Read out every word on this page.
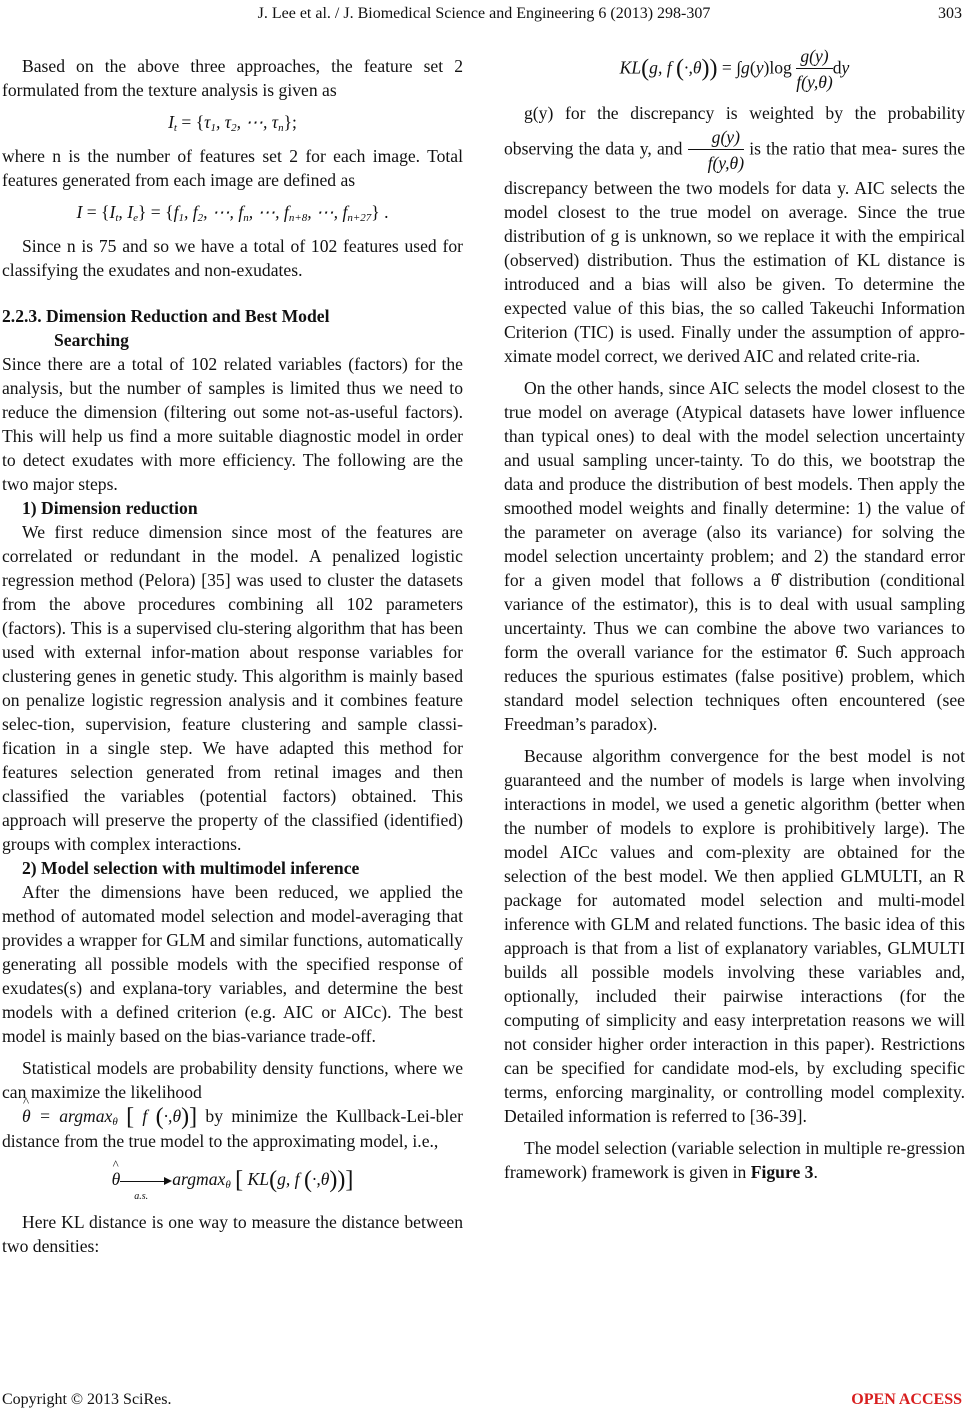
J. Lee et al. / J. Biomedical Science and Engineering 6 (2013) 298-307	303

Based on the above three approaches, the feature set 2 formulated from the texture analysis is given as

$I_t = \{\tau_1$, $\tau_2$, ⋯, $\tau_n$};

where n is the number of features set 2 for each image. Total features generated from each image are defined as

$I = \{I_t$, $I_e\} = \{f_1$, $f_2$, ⋯, $f_n$, ⋯, $f_{n+8}$, ⋯, $f_{n+27}$} .

Since n is 75 and so we have a total of 102 features used for classifying the exudates and non-exudates.

2.2.3. Dimension Reduction and Best Model
Searching

Since there are a total of 102 related variables (factors) for the analysis, but the number of samples is limited thus we need to reduce the dimension (filtering out some not-as-useful factors). This will help us find a more suitable diagnostic model in order to detect exudates with more efficiency. The following are the two major steps.

1) Dimension reduction

We first reduce dimension since most of the features are correlated or redundant in the model. A penalized logistic regression method (Pelora) [35] was used to cluster the datasets from the above procedures combining all 102 parameters (factors). This is a supervised clu-stering algorithm that has been used with external infor-mation about response variables for clustering genes in genetic study. This algorithm is mainly based on penalize logistic regression analysis and it combines feature selec-tion, supervision, feature clustering and sample classi-fication in a single step. We have adapted this method for features selection generated from retinal images and then classified the variables (potential factors) obtained. This approach will preserve the property of the classified (identified) groups with complex interactions.

2) Model selection with multimodel inference

After the dimensions have been reduced, we applied the method of automated model selection and model-averaging that provides a wrapper for GLM and similar functions, automatically generating all possible models with the specified response of exudates(s) and explana-tory variables, and determine the best models with a defined criterion (e.g. AIC or AICc). The best model is mainly based on the bias-variance trade-off.

Statistical models are probability density functions, where we can maximize the likelihood
^ θ = argmax$_\theta$ [ f (·,θ)] by minimize the Kullback-Lei-bler distance from the true model to the approximating model, i.e.,

^ θ
a.s.
argmax$_\theta$ [ KL(g, f (·,θ))]

Here KL distance is one way to measure the distance between two densities:

KL(g, f $(\cdot,\theta)) = \int g(y)\log \frac{g(y)}{f(y,\theta)}$ dy

g(y) for the discrepancy is weighted by the probability observing the data y, and $\frac{g(y)}{f(y,\theta)}$ is the ratio that mea- sures the discrepancy between the two models for data y. AIC selects the model closest to the true model on average. Since the true distribution of g is unknown, so we replace it with the empirical (observed) distribution. Thus the estimation of KL distance is introduced and a bias will also be given. To determine the expected value of this bias, the so called Takeuchi Information Criterion (TIC) is used. Finally under the assumption of appro-ximate model correct, we derived AIC and related crite-ria.

On the other hands, since AIC selects the model closest to the true model on average (Atypical datasets have lower influence than typical ones) to deal with the model selection uncertainty and usual sampling uncer-tainty. To do this, we bootstrap the data and produce the distribution of best models. Then apply the smoothed model weights and finally determine: 1) the value of the parameter on average (also its variance) for solving the model selection uncertainty problem; and 2) the standard error for a given model that follows a θ̂ distribution (conditional variance of the estimator), this is to deal with usual sampling uncertainty. Thus we can combine the above two variances to form the overall variance for the estimator θ̂. Such approach reduces the spurious estimates (false positive) problem, which standard model selection techniques often encountered (see Freedman’s paradox).

Because algorithm convergence for the best model is not guaranteed and the number of models is large when involving interactions in model, we used a genetic algorithm (better when the number of models to explore is prohibitively large). The model AICc values and com-plexity are obtained for the selection of the best model. We then applied GLMULTI, an R package for automated model selection and multi-model inference with GLM and related functions. The basic idea of this approach is that from a list of explanatory variables, GLMULTI builds all possible models involving these variables and, optionally, included their pairwise interactions (for the computing of simplicity and easy interpretation reasons we will not consider higher order interaction in this paper). Restrictions can be specified for candidate mod-els, by excluding specific terms, enforcing marginality, or controlling model complexity. Detailed information is referred to [36-39].

The model selection (variable selection in multiple re-gression framework) framework is given in Figure 3.

Copyright © 2013 SciRes.	OPEN ACCESS
